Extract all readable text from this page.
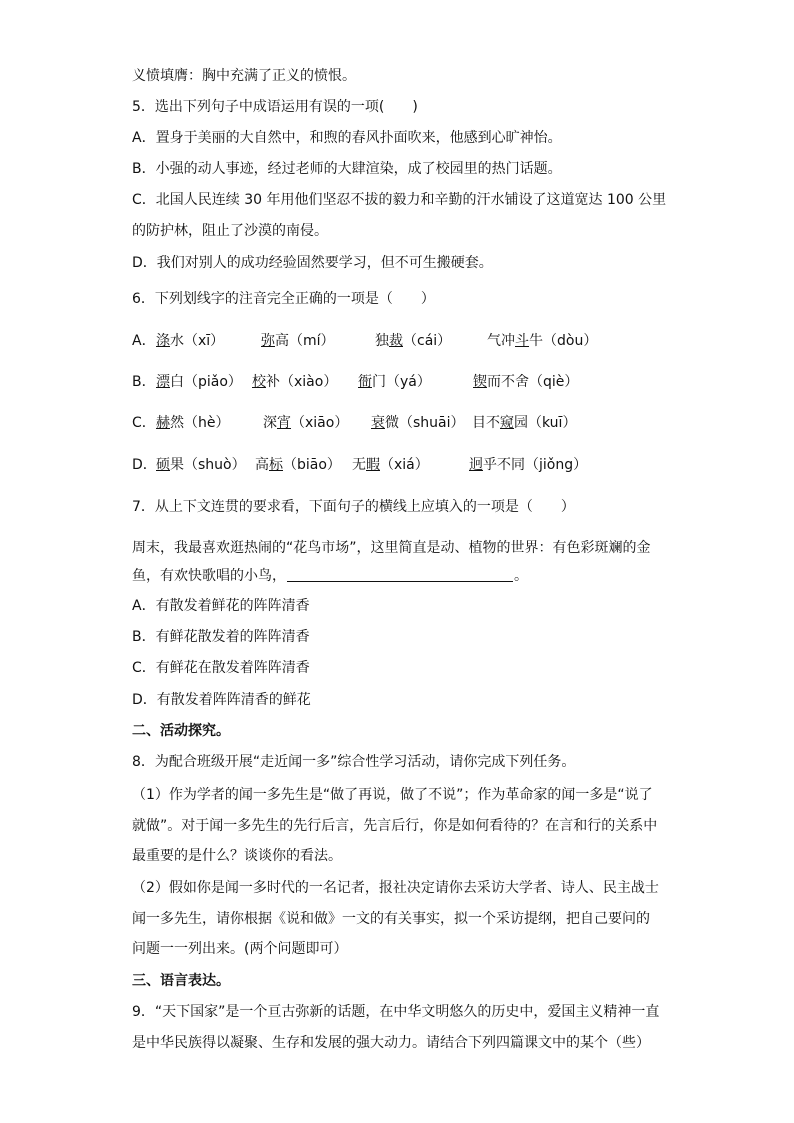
义愤填膺：胸中充满了正义的愤恨。
5．选出下列句子中成语运用有误的一项(　　)
A．置身于美丽的大自然中，和煦的春风扑面吹来，他感到心旷神怡。
B．小强的动人事迹，经过老师的大肆渲染，成了校园里的热门话题。
C．北国人民连续 30 年用他们坚忍不拔的毅力和辛勤的汗水铺设了这道宽达 100 公里
的防护林，阻止了沙漠的南侵。
D．我们对别人的成功经验固然要学习，但不可生搬硬套。
6．下列划线字的注音完全正确的一项是（　　）
A． 涤水（xī）	弥高（mí）	独裁（cái）	气冲斗牛（dòu）
B． 漂白（piǎo） 校补（xiào） 衙门（yá）	锲而不舍（qiè）
C． 赫然（hè） 深宵（xiāo） 衰微（shuāi） 目不窥园（kuī）
D． 硕果（shuò） 高标（biāo） 无暇（xiá）	迥乎不同（jiǒng）
7．从上下文连贯的要求看，下面句子的横线上应填入的一项是（　　）
周末，我最喜欢逛热闹的“花鸟市场”，这里简直是动、植物的世界：有色彩斑斓的金
鱼，有欢快歌唱的小鸟，	。
A．有散发着鲜花的阵阵清香
B．有鲜花散发着的阵阵清香
C．有鲜花在散发着阵阵清香
D．有散发着阵阵清香的鲜花
二、活动探究。
8．为配合班级开展“走近闻一多”综合性学习活动，请你完成下列任务。
（1）作为学者的闻一多先生是“做了再说，做了不说”；作为革命家的闻一多是“说了
就做”。对于闻一多先生的先行后言，先言后行，你是如何看待的？在言和行的关系中
最重要的是什么？谈谈你的看法。
（2）假如你是闻一多时代的一名记者，报社决定请你去采访大学者、诗人、民主战士
闻一多先生，请你根据《说和做》一文的有关事实，拟一个采访提纲，把自己要问的
问题一一列出来。(两个问题即可）
三、语言表达。
9．“天下国家”是一个亘古弥新的话题，在中华文明悠久的历史中，爱国主义精神一直
是中华民族得以凝聚、生存和发展的强大动力。请结合下列四篇课文中的某个（些）
